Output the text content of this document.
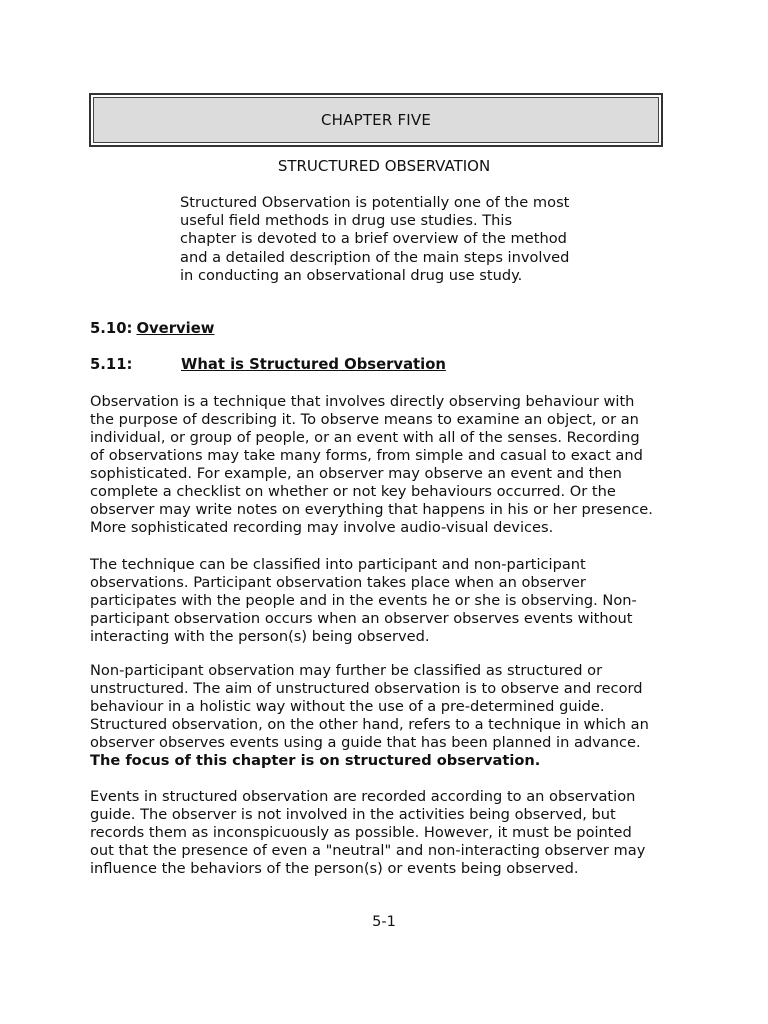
CHAPTER FIVE
STRUCTURED OBSERVATION
Structured Observation is potentially one of the most
useful field methods in drug use studies. This
chapter is devoted to a brief overview of the method
and a detailed description of the main steps involved
in conducting an observational drug use study.
5.10: Overview
5.11:	What is Structured Observation
Observation is a technique that involves directly observing behaviour with
the purpose of describing it. To observe means to examine an object, or an
individual, or group of people, or an event with all of the senses. Recording
of observations may take many forms, from simple and casual to exact and
sophisticated. For example, an observer may observe an event and then
complete a checklist on whether or not key behaviours occurred. Or the
observer may write notes on everything that happens in his or her presence.
More sophisticated recording may involve audio-visual devices.
The technique can be classified into participant and non-participant
observations. Participant observation takes place when an observer
participates with the people and in the events he or she is observing. Non-
participant observation occurs when an observer observes events without
interacting with the person(s) being observed.
Non-participant observation may further be classified as structured or
unstructured. The aim of unstructured observation is to observe and record
behaviour in a holistic way without the use of a pre-determined guide.
Structured observation, on the other hand, refers to a technique in which an
observer observes events using a guide that has been planned in advance.
The focus of this chapter is on structured observation.
Events in structured observation are recorded according to an observation
guide. The observer is not involved in the activities being observed, but
records them as inconspicuously as possible. However, it must be pointed
out that the presence of even a "neutral" and non-interacting observer may
influence the behaviors of the person(s) or events being observed.
5-1
